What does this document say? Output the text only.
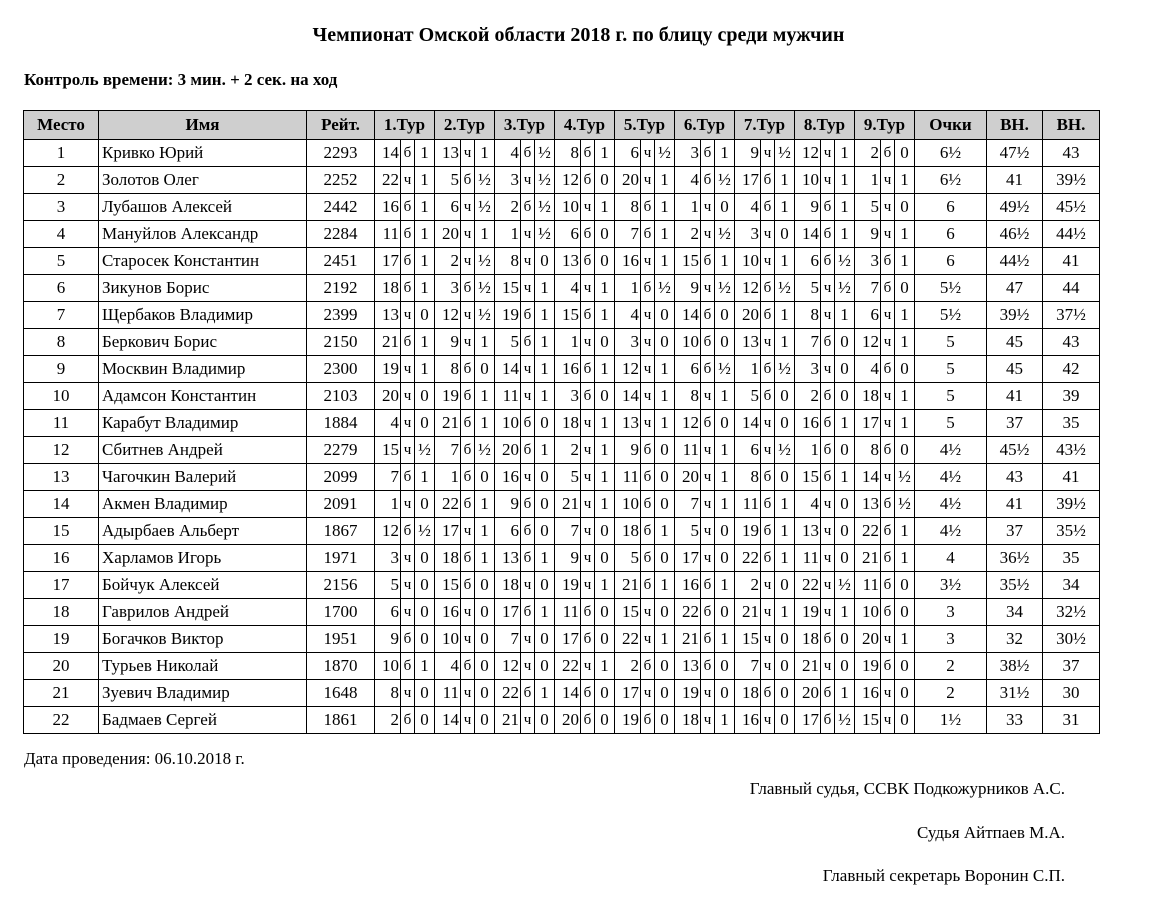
Чемпионат Омской области 2018 г. по блицу среди мужчин
Контроль времени: 3 мин. + 2 сек. на ход
Место	Имя	Рейт.	1.Тур			2.Тур			3.Тур			4.Тур			5.Тур			6.Тур			7.Тур			8.Тур			9.Тур			Очки	ВН.	ВН.
1	Кривко Юрий	2293	14	б	1	13	ч	1	4	б	½	8	б	1	6	ч	½	3	б	1	9	ч	½	12	ч	1	2	б	0	6½	47½	43
2	Золотов Олег	2252	22	ч	1	5	б	½	3	ч	½	12	б	0	20	ч	1	4	б	½	17	б	1	10	ч	1	1	ч	1	6½	41	39½
3	Лубашов Алексей	2442	16	б	1	6	ч	½	2	б	½	10	ч	1	8	б	1	1	ч	0	4	б	1	9	б	1	5	ч	0	6	49½	45½
4	Мануйлов Александр	2284	11	б	1	20	ч	1	1	ч	½	6	б	0	7	б	1	2	ч	½	3	ч	0	14	б	1	9	ч	1	6	46½	44½
5	Старосек Константин	2451	17	б	1	2	ч	½	8	ч	0	13	б	0	16	ч	1	15	б	1	10	ч	1	6	б	½	3	б	1	6	44½	41
6	Зикунов Борис	2192	18	б	1	3	б	½	15	ч	1	4	ч	1	1	б	½	9	ч	½	12	б	½	5	ч	½	7	б	0	5½	47	44
7	Щербаков Владимир	2399	13	ч	0	12	ч	½	19	б	1	15	б	1	4	ч	0	14	б	0	20	б	1	8	ч	1	6	ч	1	5½	39½	37½
8	Беркович Борис	2150	21	б	1	9	ч	1	5	б	1	1	ч	0	3	ч	0	10	б	0	13	ч	1	7	б	0	12	ч	1	5	45	43
9	Москвин Владимир	2300	19	ч	1	8	б	0	14	ч	1	16	б	1	12	ч	1	6	б	½	1	б	½	3	ч	0	4	б	0	5	45	42
10	Адамсон Константин	2103	20	ч	0	19	б	1	11	ч	1	3	б	0	14	ч	1	8	ч	1	5	б	0	2	б	0	18	ч	1	5	41	39
11	Карабут Владимир	1884	4	ч	0	21	б	1	10	б	0	18	ч	1	13	ч	1	12	б	0	14	ч	0	16	б	1	17	ч	1	5	37	35
12	Сбитнев Андрей	2279	15	ч	½	7	б	½	20	б	1	2	ч	1	9	б	0	11	ч	1	6	ч	½	1	б	0	8	б	0	4½	45½	43½
13	Чагочкин Валерий	2099	7	б	1	1	б	0	16	ч	0	5	ч	1	11	б	0	20	ч	1	8	б	0	15	б	1	14	ч	½	4½	43	41
14	Акмен Владимир	2091	1	ч	0	22	б	1	9	б	0	21	ч	1	10	б	0	7	ч	1	11	б	1	4	ч	0	13	б	½	4½	41	39½
15	Адырбаев Альберт	1867	12	б	½	17	ч	1	6	б	0	7	ч	0	18	б	1	5	ч	0	19	б	1	13	ч	0	22	б	1	4½	37	35½
16	Харламов Игорь	1971	3	ч	0	18	б	1	13	б	1	9	ч	0	5	б	0	17	ч	0	22	б	1	11	ч	0	21	б	1	4	36½	35
17	Бойчук Алексей	2156	5	ч	0	15	б	0	18	ч	0	19	ч	1	21	б	1	16	б	1	2	ч	0	22	ч	½	11	б	0	3½	35½	34
18	Гаврилов Андрей	1700	6	ч	0	16	ч	0	17	б	1	11	б	0	15	ч	0	22	б	0	21	ч	1	19	ч	1	10	б	0	3	34	32½
19	Богачков Виктор	1951	9	б	0	10	ч	0	7	ч	0	17	б	0	22	ч	1	21	б	1	15	ч	0	18	б	0	20	ч	1	3	32	30½
20	Турьев Николай	1870	10	б	1	4	б	0	12	ч	0	22	ч	1	2	б	0	13	б	0	7	ч	0	21	ч	0	19	б	0	2	38½	37
21	Зуевич Владимир	1648	8	ч	0	11	ч	0	22	б	1	14	б	0	17	ч	0	19	ч	0	18	б	0	20	б	1	16	ч	0	2	31½	30
22	Бадмаев Сергей	1861	2	б	0	14	ч	0	21	ч	0	20	б	0	19	б	0	18	ч	1	16	ч	0	17	б	½	15	ч	0	1½	33	31
Дата проведения: 06.10.2018 г.
Главный судья, ССВК Подкожурников А.С.
Судья Айтпаев М.А.
Главный секретарь Воронин С.П.
